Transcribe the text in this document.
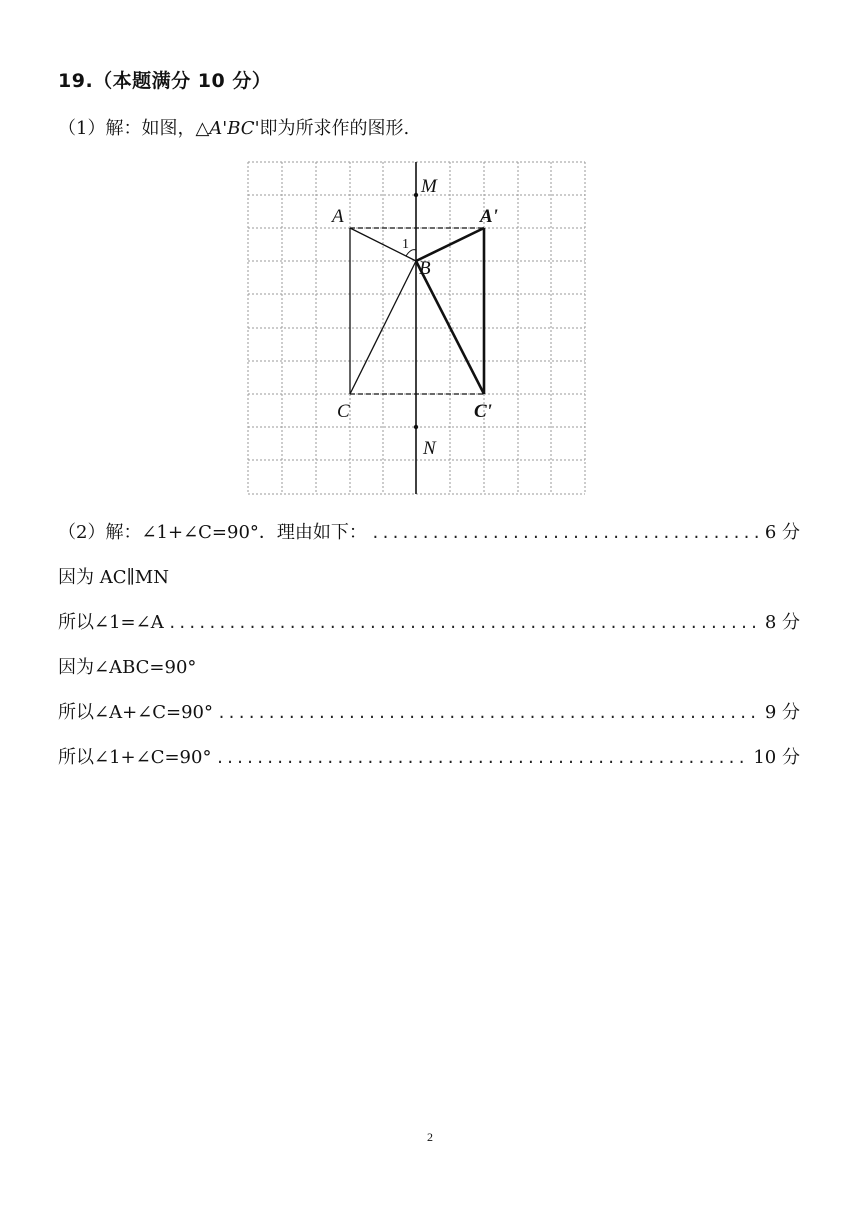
19.（本题满分 10 分）
（1）解：如图，△A'BC'即为所求作的图形.
M
N
A	A'
B
C	C'
1
（2）解：∠1+∠C=90°．理由如下： .....	6 分
因为 AC∥MN
所以∠1=∠A .....	8 分
因为∠ABC=90°
所以∠A+∠C=90° .....	9 分
所以∠1+∠C=90° .....	10 分
2
